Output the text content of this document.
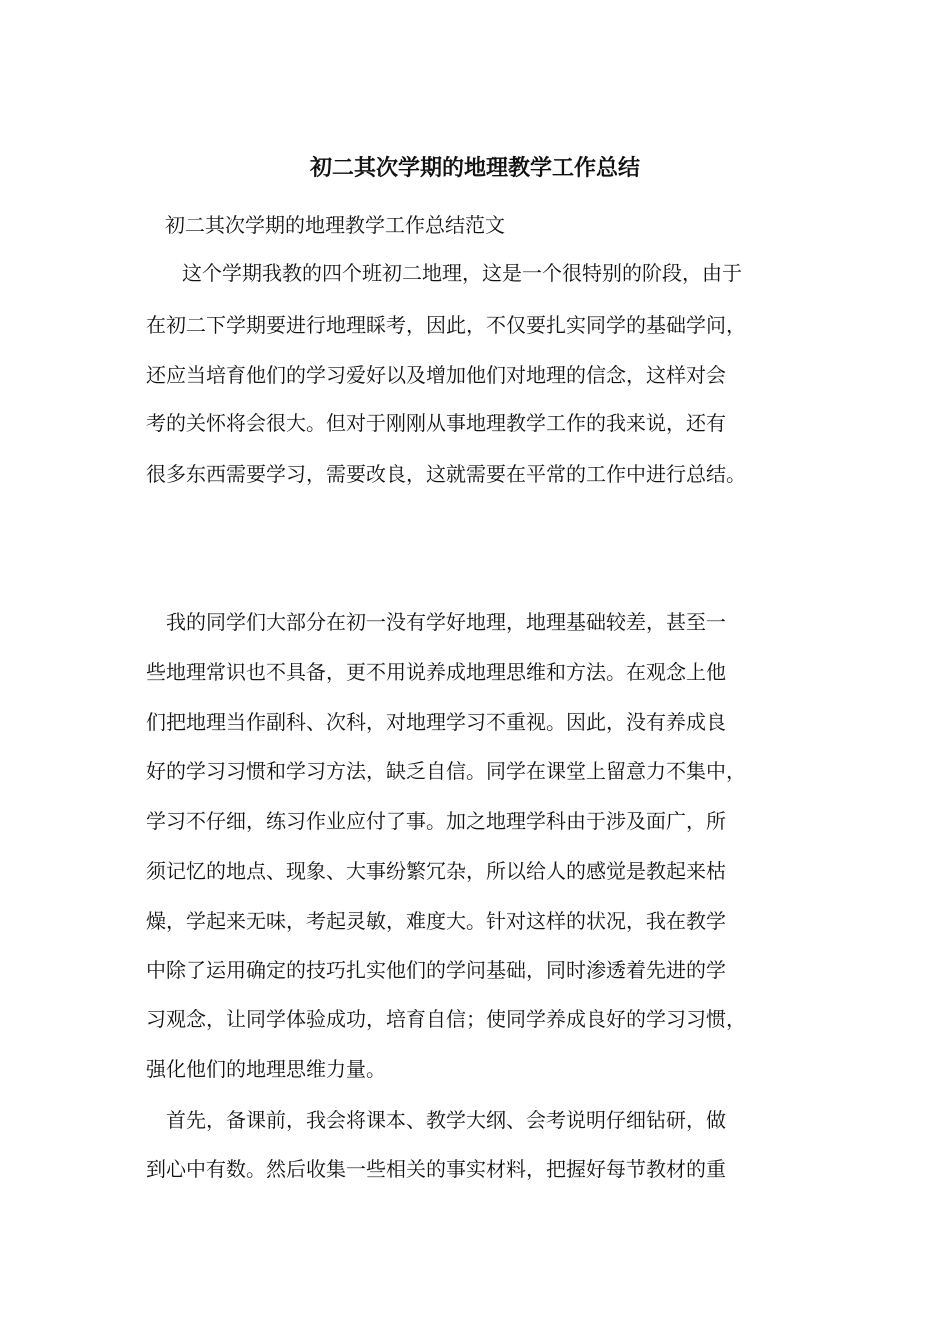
初二其次学期的地理教学工作总结

初二其次学期的地理教学工作总结范文

这个学期我教的四个班初二地理，这是一个很特别的阶段，由于

在初二下学期要进行地理睬考，因此，不仅要扎实同学的基础学问，

还应当培育他们的学习爱好以及增加他们对地理的信念，这样对会

考的关怀将会很大。但对于刚刚从事地理教学工作的我来说，还有

很多东西需要学习，需要改良，这就需要在平常的工作中进行总结。

我的同学们大部分在初一没有学好地理，地理基础较差，甚至一

些地理常识也不具备，更不用说养成地理思维和方法。在观念上他

们把地理当作副科、次科，对地理学习不重视。因此，没有养成良

好的学习习惯和学习方法，缺乏自信。同学在课堂上留意力不集中，

学习不仔细，练习作业应付了事。加之地理学科由于涉及面广，所

须记忆的地点、现象、大事纷繁冗杂，所以给人的感觉是教起来枯

燥，学起来无味，考起灵敏，难度大。针对这样的状况，我在教学

中除了运用确定的技巧扎实他们的学问基础，同时渗透着先进的学

习观念，让同学体验成功，培育自信；使同学养成良好的学习习惯，

强化他们的地理思维力量。

首先，备课前，我会将课本、教学大纲、会考说明仔细钻研，做

到心中有数。然后收集一些相关的事实材料，把握好每节教材的重
